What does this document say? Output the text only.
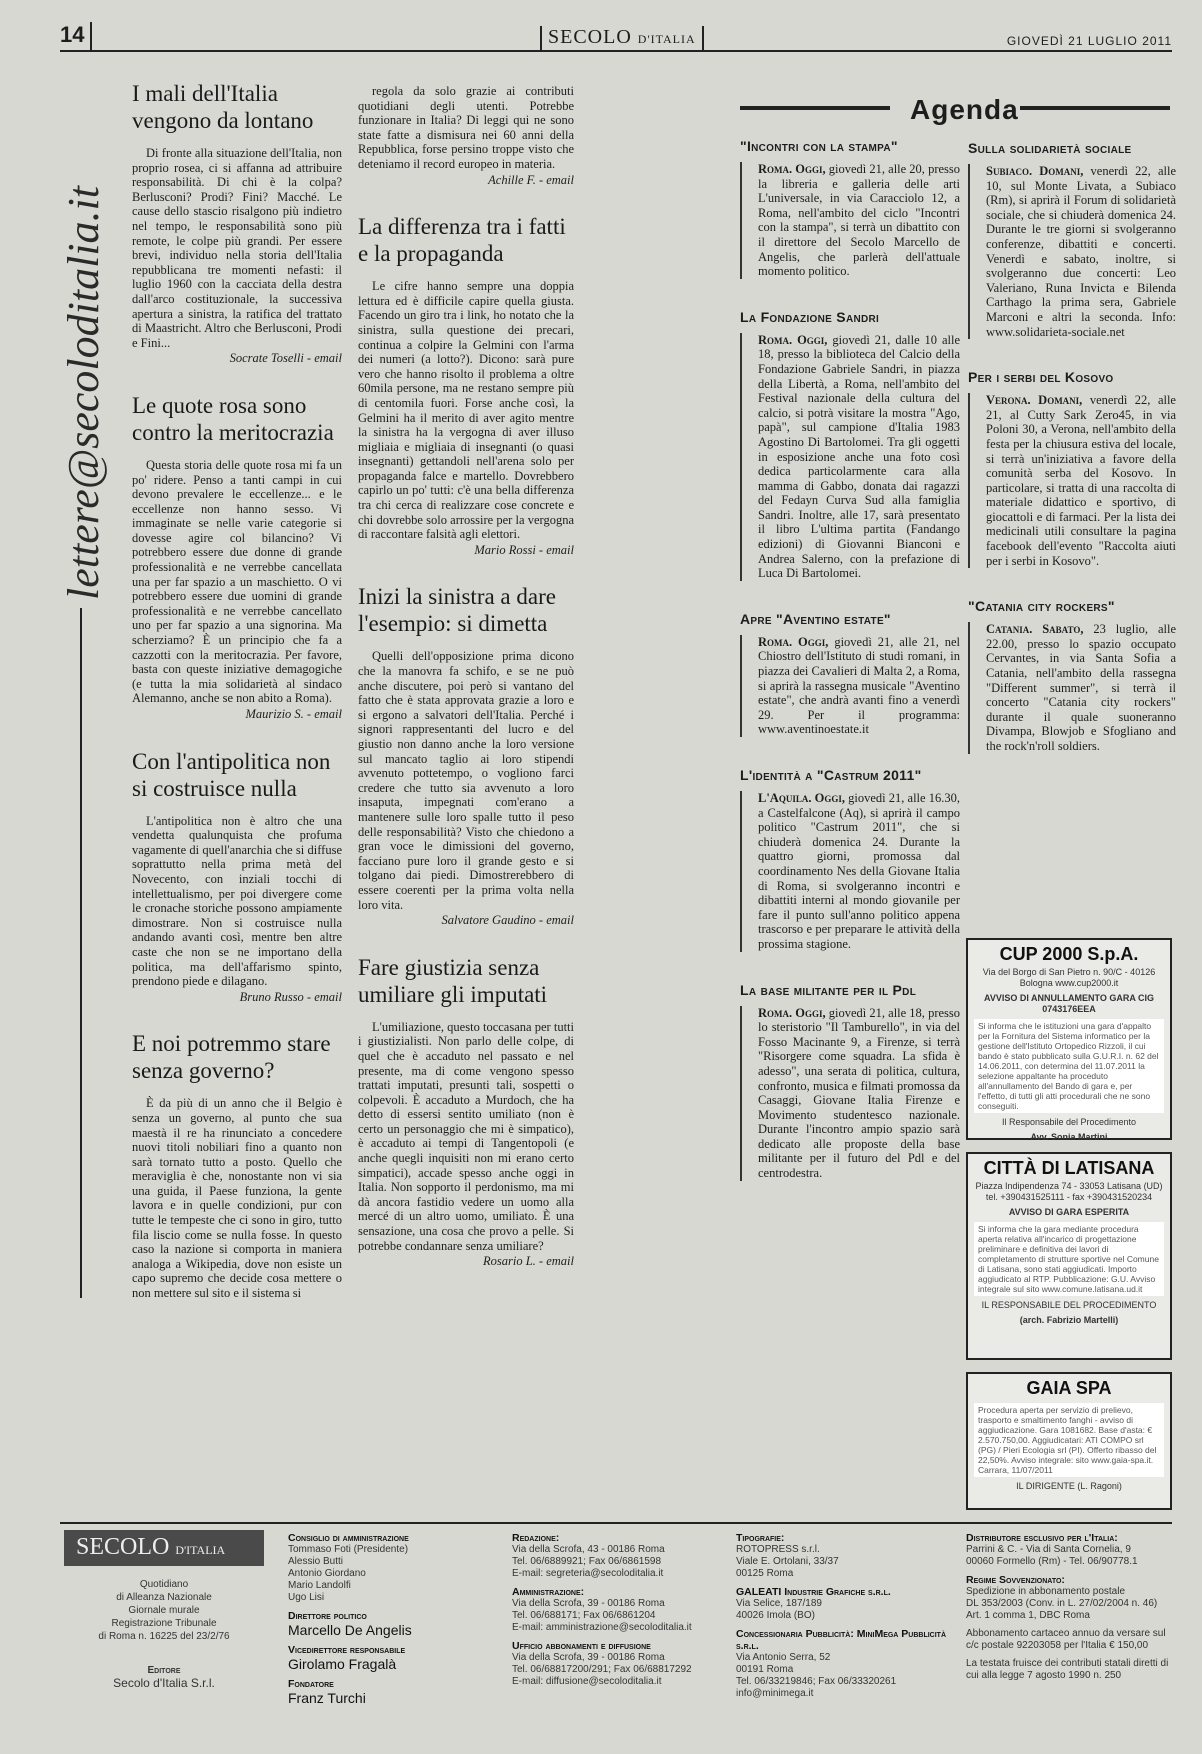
14	SECOLO D'ITALIA	GIOVEDÌ 21 LUGLIO 2011
lettere@secoloditalia.it
I mali dell'Italia vengono da lontano

Di fronte alla situazione dell'Italia, non proprio rosea, ci si affanna ad attribuire responsabilità. Di chi è la colpa? Berlusconi? Prodi? Fini? Macché. Le cause dello stascio risalgono più indietro nel tempo, le responsabilità sono più remote, le colpe più grandi. Per essere brevi, individuo nella storia dell'Italia repubblicana tre momenti nefasti: il luglio 1960 con la cacciata della destra dall'arco costituzionale, la successiva apertura a sinistra, la ratifica del trattato di Maastricht. Altro che Berlusconi, Prodi e Fini...

Socrate Toselli - email
Le quote rosa sono contro la meritocrazia

Questa storia delle quote rosa mi fa un po' ridere. Penso a tanti campi in cui devono prevalere le eccellenze... e le eccellenze non hanno sesso. Vi immaginate se nelle varie categorie si dovesse agire col bilancino? Vi potrebbero essere due donne di grande professionalità e ne verrebbe cancellata una per far spazio a un maschietto. O vi potrebbero essere due uomini di grande professionalità e ne verrebbe cancellato uno per far spazio a una signorina. Ma scherziamo? È un principio che fa a cazzotti con la meritocrazia. Per favore, basta con queste iniziative demagogiche (e tutta la mia solidarietà al sindaco Alemanno, anche se non abito a Roma).

Maurizio S. - email
Con l'antipolitica non si costruisce nulla

L'antipolitica non è altro che una vendetta qualunquista che profuma vagamente di quell'anarchia che si diffuse soprattutto nella prima metà del Novecento, con inziali tocchi di intellettualismo, per poi divergere come le cronache storiche possono ampiamente dimostrare. Non si costruisce nulla andando avanti così, mentre ben altre caste che non se ne importano della politica, ma dell'affarismo spinto, prendono piede e dilagano.

Bruno Russo - email
E noi potremmo stare senza governo?

È da più di un anno che il Belgio è senza un governo, al punto che sua maestà il re ha rinunciato a concedere nuovi titoli nobiliari fino a quanto non sarà tornato tutto a posto. Quello che meraviglia è che, nonostante non vi sia una guida, il Paese funziona, la gente lavora e in quelle condizioni, pur con tutte le tempeste che ci sono in giro, tutto fila liscio come se nulla fosse. In questo caso la nazione si comporta in maniera analoga a Wikipedia, dove non esiste un capo supremo che decide cosa mettere o non mettere sul sito e il sistema si

regola da solo grazie ai contributi quotidiani degli utenti. Potrebbe funzionare in Italia? Di leggi qui ne sono state fatte a dismisura nei 60 anni della Repubblica, forse persino troppe visto che deteniamo il record europeo in materia.

Achille F. - email
La differenza tra i fatti e la propaganda

Le cifre hanno sempre una doppia lettura ed è difficile capire quella giusta. Facendo un giro tra i link, ho notato che la sinistra, sulla questione dei precari, continua a colpire la Gelmini con l'arma dei numeri (a lotto?). Dicono: sarà pure vero che hanno risolto il problema a oltre 60mila persone, ma ne restano sempre più di centomila fuori. Forse anche così, la Gelmini ha il merito di aver agito mentre la sinistra ha la vergogna di aver illuso migliaia e migliaia di insegnanti (o quasi insegnanti) gettandoli nell'arena solo per propaganda falce e martello. Dovrebbero capirlo un po' tutti: c'è una bella differenza tra chi cerca di realizzare cose concrete e chi dovrebbe solo arrossire per la vergogna di raccontare falsità agli elettori.

Mario Rossi - email
Inizi la sinistra a dare l'esempio: si dimetta

Quelli dell'opposizione prima dicono che la manovra fa schifo, e se ne può anche discutere, poi però si vantano del fatto che è stata approvata grazie a loro e si ergono a salvatori dell'Italia. Perché i signori rappresentanti del lucro e del giustio non danno anche la loro versione sul mancato taglio ai loro stipendi avvenuto pottetempo, o vogliono farci credere che tutto sia avvenuto a loro insaputa, impegnati com'erano a mantenere sulle loro spalle tutto il peso delle responsabilità? Visto che chiedono a gran voce le dimissioni del governo, facciano pure loro il grande gesto e si tolgano dai piedi. Dimostrerebbero di essere coerenti per la prima volta nella loro vita.

Salvatore Gaudino - email
Fare giustizia senza umiliare gli imputati

L'umiliazione, questo toccasana per tutti i giustizialisti. Non parlo delle colpe, di quel che è accaduto nel passato e nel presente, ma di come vengono spesso trattati imputati, presunti tali, sospetti o colpevoli. È accaduto a Murdoch, che ha detto di essersi sentito umiliato (non è certo un personaggio che mi è simpatico), è accaduto ai tempi di Tangentopoli (e anche quegli inquisiti non mi erano certo simpatici), accade spesso anche oggi in Italia. Non sopporto il perdonismo, ma mi dà ancora fastidio vedere un uomo alla mercé di un altro uomo, umiliato. È una sensazione, una cosa che provo a pelle. Si potrebbe condannare senza umiliare?

Rosario L. - email
Agenda
"Incontri con la stampa"
Roma. Oggi, giovedì 21, alle 20, presso la libreria e galleria delle arti L'universale, in via Caracciolo 12, a Roma, nell'ambito del ciclo "Incontri con la stampa", si terrà un dibattito con il direttore del Secolo Marcello de Angelis, che parlerà dell'attuale momento politico.
La Fondazione Sandri
Roma. Oggi, giovedì 21, dalle 10 alle 18, presso la biblioteca del Calcio della Fondazione Gabriele Sandri, in piazza della Libertà, a Roma, nell'ambito del Festival nazionale della cultura del calcio, si potrà visitare la mostra "Ago, papà", sul campione d'Italia 1983 Agostino Di Bartolomei. Tra gli oggetti in esposizione anche una foto così dedica particolarmente cara alla mamma di Gabbo, donata dai ragazzi del Fedayn Curva Sud alla famiglia Sandri. Inoltre, alle 17, sarà presentato il libro L'ultima partita (Fandango edizioni) di Giovanni Bianconi e Andrea Salerno, con la prefazione di Luca Di Bartolomei.
Apre "Aventino estate"
Roma. Oggi, giovedì 21, alle 21, nel Chiostro dell'Istituto di studi romani, in piazza dei Cavalieri di Malta 2, a Roma, si aprirà la rassegna musicale "Aventino estate", che andrà avanti fino a venerdì 29. Per il programma: www.aventinoestate.it
L'identità a "Castrum 2011"
L'Aquila. Oggi, giovedì 21, alle 16.30, a Castelfalcone (Aq), si aprirà il campo politico "Castrum 2011", che si chiuderà domenica 24. Durante la quattro giorni, promossa dal coordinamento Nes della Giovane Italia di Roma, si svolgeranno incontri e dibattiti interni al mondo giovanile per fare il punto sull'anno politico appena trascorso e per preparare le attività della prossima stagione.
La base militante per il Pdl
Roma. Oggi, giovedì 21, alle 18, presso lo steristorio "Il Tamburello", in via del Fosso Macinante 9, a Firenze, si terrà "Risorgere come squadra. La sfida è adesso", una serata di politica, cultura, confronto, musica e filmati promossa da Casaggi, Giovane Italia Firenze e Movimento studentesco nazionale. Durante l'incontro ampio spazio sarà dedicato alle proposte della base militante per il futuro del Pdl e del centrodestra.
Sulla solidarietà sociale
Subiaco. Domani, venerdì 22, alle 10, sul Monte Livata, a Subiaco (Rm), si aprirà il Forum di solidarietà sociale, che si chiuderà domenica 24. Durante le tre giorni si svolgeranno conferenze, dibattiti e concerti. Venerdì e sabato, inoltre, si svolgeranno due concerti: Leo Valeriano, Runa Invicta e Bilenda Carthago la prima sera, Gabriele Marconi e altri la seconda. Info: www.solidarieta-sociale.net
Per i serbi del Kosovo
Verona. Domani, venerdì 22, alle 21, al Cutty Sark Zero45, in via Poloni 30, a Verona, nell'ambito della festa per la chiusura estiva del locale, si terrà un'iniziativa a favore della comunità serba del Kosovo. In particolare, si tratta di una raccolta di materiale didattico e sportivo, di giocattoli e di farmaci. Per la lista dei medicinali utili consultare la pagina facebook dell'evento "Raccolta aiuti per i serbi in Kosovo".
"Catania city rockers"
Catania. Sabato, 23 luglio, alle 22.00, presso lo spazio occupato Cervantes, in via Santa Sofia a Catania, nell'ambito della rassegna "Different summer", si terrà il concerto "Catania city rockers" durante il quale suoneranno Divampa, Blowjob e Sfogliano and the rock'n'roll soldiers.
CUP 2000 S.p.A.
Via del Borgo di San Pietro n. 90/C - 40126 Bologna www.cup2000.it
AVVISO DI ANNULLAMENTO GARA CIG 0743176EEA
Si informa che le istituzioni una gara d'appalto per la Fornitura del Sistema informatico per la gestione dell'Istituto Ortopedico Rizzoli, il cui bando è stato pubblicato sulla G.U.R.I. n. 62 del 14.06.2011, con determina del 11.07.2011 la selezione appaltante ha proceduto all'annullamento del Bando di gara e, per l'effetto, di tutti gli atti procedurali che ne sono conseguiti.
Il Responsabile del Procedimento
Avv. Sonia Martini
CITTÀ DI LATISANA
Piazza Indipendenza 74 - 33053 Latisana (UD) tel. +390431525111 - fax +390431520234
AVVISO DI GARA ESPERITA
Si informa che la gara mediante procedura aperta relativa all'incarico di progettazione preliminare e definitiva dei lavori di completamento di strutture sportive nel Comune di Latisana, sono stati aggiudicati. Importo aggiudicato al RTP. Pubblicazione: G.U. Avviso integrale sul sito www.comune.latisana.ud.it
IL RESPONSABILE DEL PROCEDIMENTO
(arch. Fabrizio Martelli)
GAIA SPA
Procedura aperta per servizio di prelievo, trasporto e smaltimento fanghi - avviso di aggiudicazione. Gara 1081682. Base d'asta: € 2.570.750,00. Aggiudicatari: ATI COMPO srl (PG) / Pieri Ecologia srl (PI). Offerto ribasso del 22,50%. Avviso integrale: sito www.gaia-spa.it. Carrara, 11/07/2011
IL DIRIGENTE (L. Ragoni)
SECOLO D'ITALIA
Quotidiano
di Alleanza Nazionale
Giornale murale
Registrazione Tribunale
di Roma n. 16225 del 23/2/76
Editore
Secolo d'Italia S.r.l.
Consiglio di amministrazione
Tommaso Foti (Presidente)
Alessio Butti
Antonio Giordano
Mario Landolfi
Ugo Lisi
Direttore politico
Marcello De Angelis
Vicedirettore responsabile
Girolamo Fragalà
Fondatore
Franz Turchi
Redazione:
Via della Scrofa, 43 - 00186 Roma
Tel. 06/6889921; Fax 06/6861598
E-mail: segreteria@secoloditalia.it
Amministrazione:
Via della Scrofa, 39 - 00186 Roma
Tel. 06/688171; Fax 06/6861204
E-mail: amministrazione@secoloditalia.it
Ufficio abbonamenti e diffusione
Via della Scrofa, 39 - 00186 Roma
Tel. 06/68817200/291; Fax 06/68817292
E-mail: diffusione@secoloditalia.it
Tipografie:
ROTOPRESS s.r.l.
Viale E. Ortolani, 33/37
00125 Roma
GALEATI Industrie Grafiche s.r.l.
Via Selice, 187/189
40026 Imola (BO)
Concessionaria Pubblicità: MiniMega Pubblicità s.r.l.
Via Antonio Serra, 52
00191 Roma
Tel. 06/33219846; Fax 06/33320261
info@minimega.it
Distributore esclusivo per l'Italia:
Parrini & C. - Via di Santa Cornelia, 9
00060 Formello (Rm) - Tel. 06/90778.1
Regime Sovvenzionato:
Spedizione in abbonamento postale
DL 353/2003 (Conv. in L. 27/02/2004 n. 46)
Art. 1 comma 1, DBC Roma
Abbonamento cartaceo annuo da versare sul c/c postale 92203058 per l'Italia € 150,00
La testata fruisce dei contributi statali diretti di cui alla legge 7 agosto 1990 n. 250
